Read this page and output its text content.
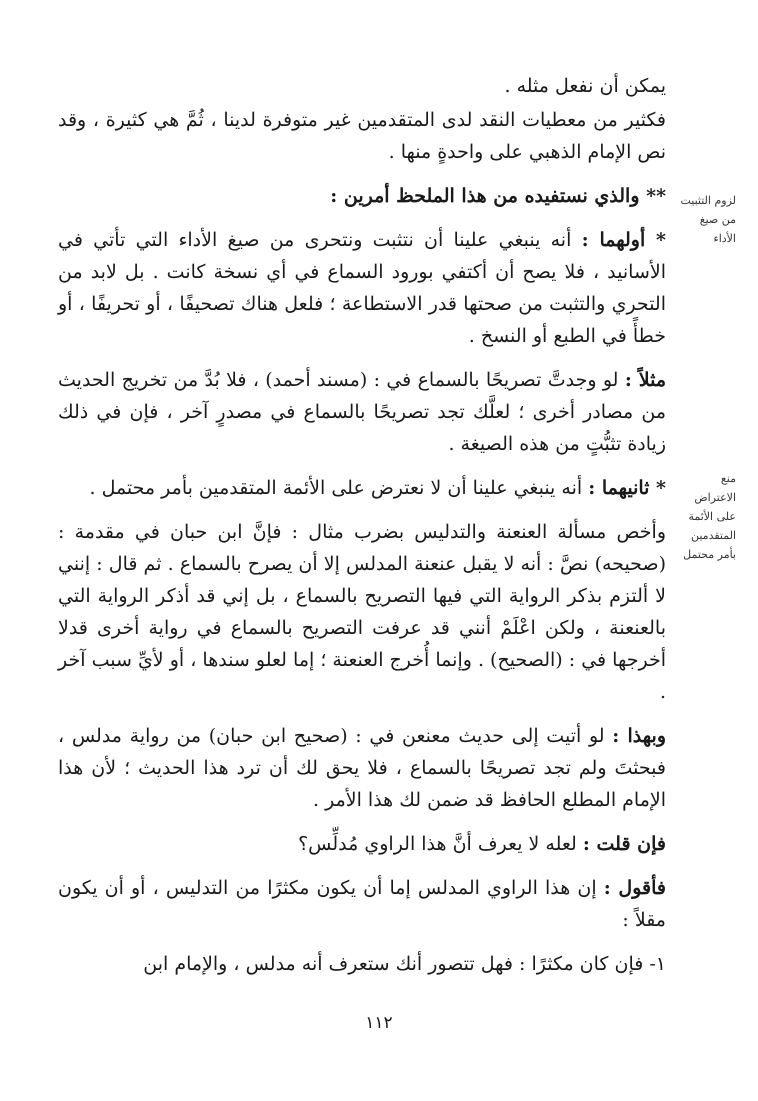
لزوم التثبيت من صيغ الأداء
منع الاعتراض على الأئمة المتقدمين بأمر محتمل

يمكن أن نفعل مثله .

فكثير من معطيات النقد لدى المتقدمين غير متوفرة لدينا ، ثُمَّ هي كثيرة ، وقد نص الإمام الذهبي على واحدةٍ منها .

** والذي نستفيده من هذا الملحظ أمرين :

* أولهما : أنه ينبغي علينا أن نتثبت ونتحرى من صيغ الأداء التي تأتي في الأسانيد ، فلا يصح أن أكتفي بورود السماع في أي نسخة كانت . بل لابد من التحري والتثبت من صحتها قدر الاستطاعة ؛ فلعل هناك تصحيفًا ، أو تحريفًا ، أو خطأً في الطبع أو النسخ .

مثلاً : لو وجدتَّ تصريحًا بالسماع في : (مسند أحمد) ، فلا بُدَّ من تخريج الحديث من مصادر أخرى ؛ لعلَّك تجد تصريحًا بالسماع في مصدرٍ آخر ، فإن في ذلك زيادة تثبُّتٍ من هذه الصيغة .

* ثانيهما : أنه ينبغي علينا أن لا نعترض على الأئمة المتقدمين بأمر محتمل .

وأخص مسألة العنعنة والتدليس بضرب مثال : فإنَّ ابن حبان في مقدمة : (صحيحه) نصَّ : أنه لا يقبل عنعنة المدلس إلا أن يصرح بالسماع . ثم قال : إنني لا ألتزم بذكر الرواية التي فيها التصريح بالسماع ، بل إني قد أذكر الرواية التي بالعنعنة ، ولكن اعْلَمْ أنني قد عرفت التصريح بالسماع في رواية أخرى قدلا أخرجها في : (الصحيح) . وإنما أُخرج العنعنة ؛ إما لعلو سندها ، أو لأيِّ سبب آخر .

وبهذا : لو أتيت إلى حديث معنعن في : (صحيح ابن حبان) من رواية مدلس ، فبحثتَ ولم تجد تصريحًا بالسماع ، فلا يحق لك أن ترد هذا الحديث ؛ لأن هذا الإمام المطلع الحافظ قد ضمن لك هذا الأمر .

فإن قلت : لعله لا يعرف أنَّ هذا الراوي مُدلِّس؟

فأقول : إن هذا الراوي المدلس إما أن يكون مكثرًا من التدليس ، أو أن يكون مقلاً :

١- فإن كان مكثرًا : فهل تتصور أنك ستعرف أنه مدلس ، والإمام ابن

١١٢
